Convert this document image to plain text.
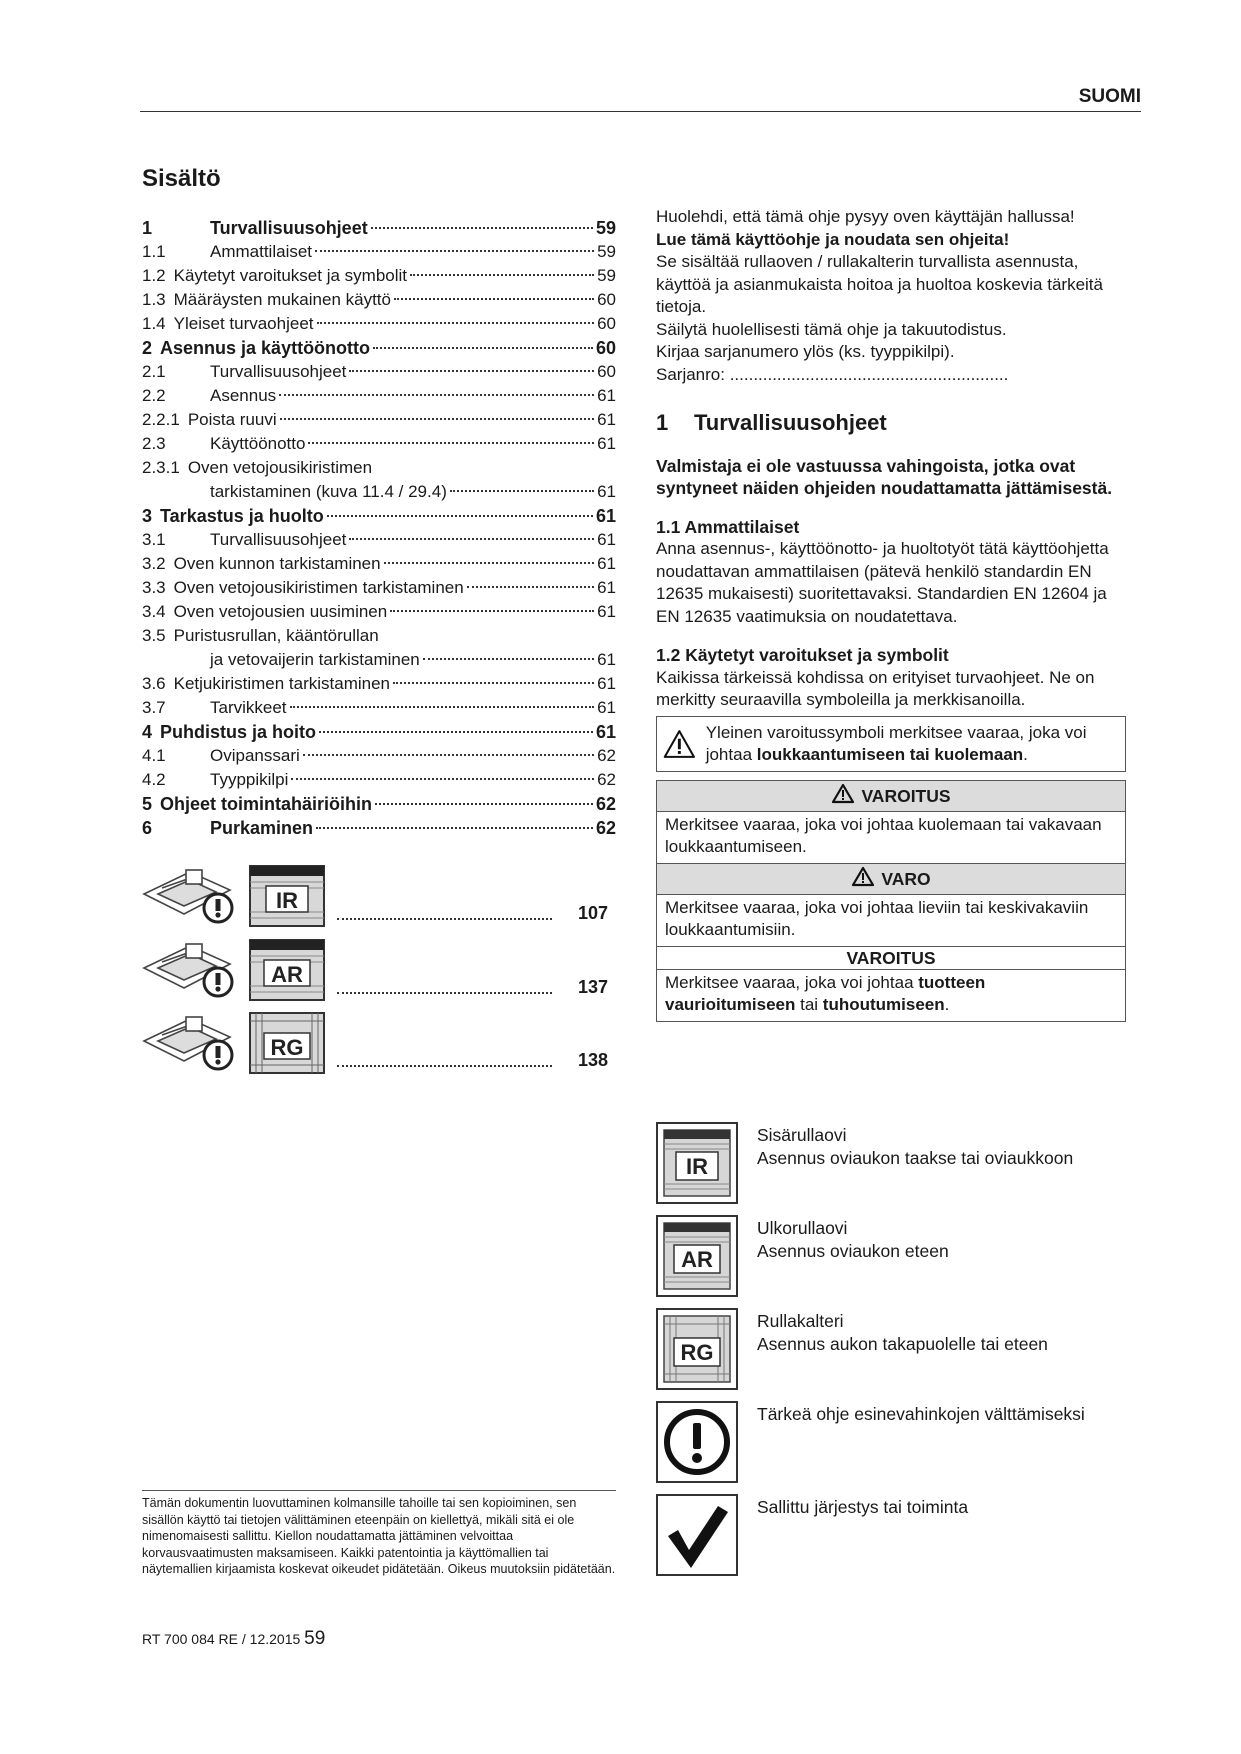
SUOMI
Sisältö
1	Turvallisuusohjeet	59
1.1	Ammattilaiset	59
1.2 Käytetyt varoitukset ja symbolit	59
1.3 Määräysten mukainen käyttö	60
1.4 Yleiset turvaohjeet	60
2 Asennus ja käyttöönotto	60
2.1	Turvallisuusohjeet	60
2.2	Asennus	61
2.2.1 Poista ruuvi	61
2.3	Käyttöönotto	61
2.3.1 Oven vetojousikiristimen
tarkistaminen (kuva 11.4 / 29.4)	61
3 Tarkastus ja huolto	61
3.1	Turvallisuusohjeet	61
3.2 Oven kunnon tarkistaminen	61
3.3 Oven vetojousikiristimen tarkistaminen	61
3.4 Oven vetojousien uusiminen	61
3.5 Puristusrullan, kääntörullan
ja vetovaijerin tarkistaminen	61
3.6 Ketjukiristimen tarkistaminen	61
3.7	Tarvikkeet	61
4 Puhdistus ja hoito	61
4.1	Ovipanssari	62
4.2	Tyyppikilpi	62
5 Ohjeet toimintahäiriöihin	62
6	Purkaminen	62
IR	107
AR	137
RG	138

Huolehdi, että tämä ohje pysyy oven käyttäjän hallussa!

Lue tämä käyttöohje ja noudata sen ohjeita!

Se sisältää rullaoven / rullakalterin turvallista asennusta, käyttöä ja asianmukaista hoitoa ja huoltoa koskevia tärkeitä tietoja.

Säilytä huolellisesti tämä ohje ja takuutodistus.

Kirjaa sarjanumero ylös (ks. tyyppikilpi).

Sarjanro: ...........................................................

1 Turvallisuusohjeet

Valmistaja ei ole vastuussa vahingoista, jotka ovat syntyneet näiden ohjeiden noudattamatta jättämisestä.

1.1 Ammattilaiset

Anna asennus-, käyttöönotto- ja huoltotyöt tätä käyttöohjetta noudattavan ammattilaisen (pätevä henkilö standardin EN 12635 mukaisesti) suoritettavaksi. Standardien EN 12604 ja EN 12635 vaatimuksia on noudatettava.

1.2 Käytetyt varoitukset ja symbolit

Kaikissa tärkeissä kohdissa on erityiset turvaohjeet. Ne on merkitty seuraavilla symboleilla ja merkkisanoilla.

Yleinen varoitussymboli merkitsee vaaraa, joka voi johtaa loukkaantumiseen tai kuolemaan.
VAROITUS
Merkitsee vaaraa, joka voi johtaa kuolemaan tai vakavaan loukkaantumiseen.
VARO
Merkitsee vaaraa, joka voi johtaa lieviin tai keskivakaviin loukkaantumisiin.
VAROITUS
Merkitsee vaaraa, joka voi johtaa tuotteen vaurioitumiseen tai tuhoutumiseen.
IR
Sisärullaovi
Asennus oviaukon taakse tai oviaukkoon
AR
Ulkorullaovi
Asennus oviaukon eteen
RG
Rullakalteri
Asennus aukon takapuolelle tai eteen
Tärkeä ohje esinevahinkojen välttämiseksi
Sallittu järjestys tai toiminta
Tämän dokumentin luovuttaminen kolmansille tahoille tai sen kopioiminen, sen sisällön käyttö tai tietojen välittäminen eteenpäin on kiellettyä, mikäli sitä ei ole nimenomaisesti sallittu. Kiellon noudattamatta jättäminen velvoittaa korvausvaatimusten maksamiseen. Kaikki patentointia ja käyttömallien tai näytemallien kirjaamista koskevat oikeudet pidätetään. Oikeus muutoksiin pidätetään.
RT 700 084 RE / 12.2015 59
